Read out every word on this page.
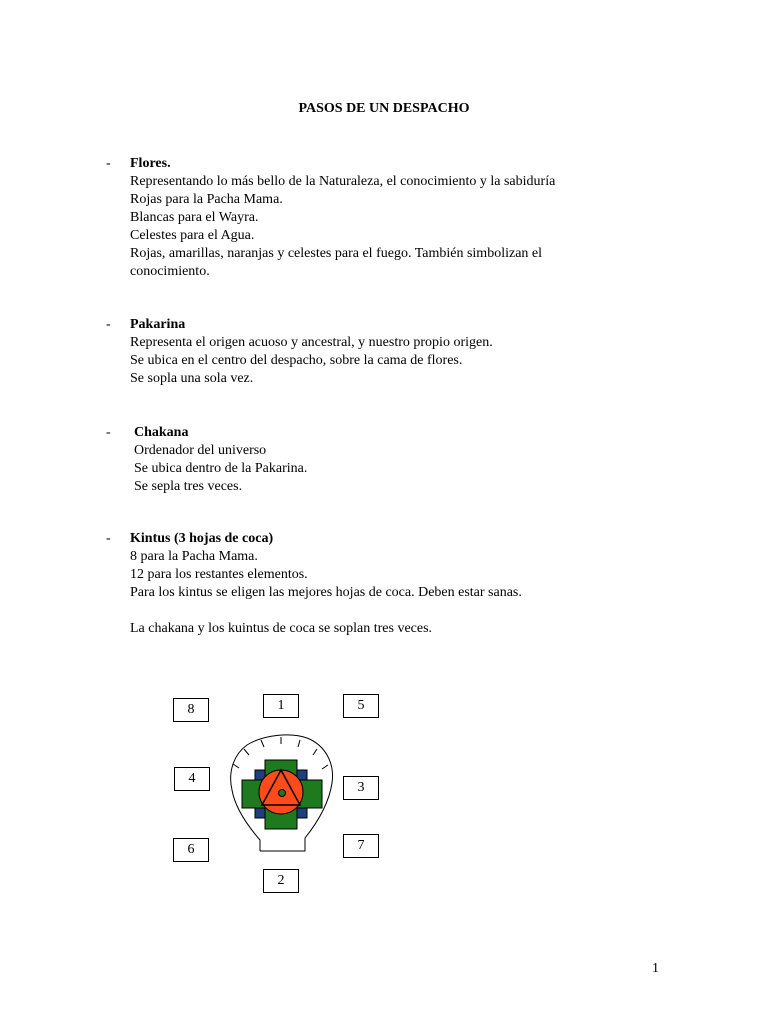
PASOS DE UN DESPACHO
- Flores.
Representando lo más bello de la Naturaleza, el conocimiento y la sabiduría
Rojas para la Pacha Mama.
Blancas para el Wayra.
Celestes para el Agua.
Rojas, amarillas, naranjas y celestes para el fuego. También simbolizan el conocimiento.
- Pakarina
Representa el origen acuoso y ancestral, y nuestro propio origen.
Se ubica en el centro del despacho, sobre la cama de flores.
Se sopla una sola vez.
- Chakana
Ordenador del universo
Se ubica dentro de la Pakarina.
Se sepla tres veces.
- Kintus (3 hojas de coca)
8 para la Pacha Mama.
12 para los restantes elementos.
Para los kintus se eligen las mejores hojas de coca. Deben estar sanas.
La chakana y los kuintus de coca se soplan tres veces.
8	1	5
4
3
6	7
2
1
